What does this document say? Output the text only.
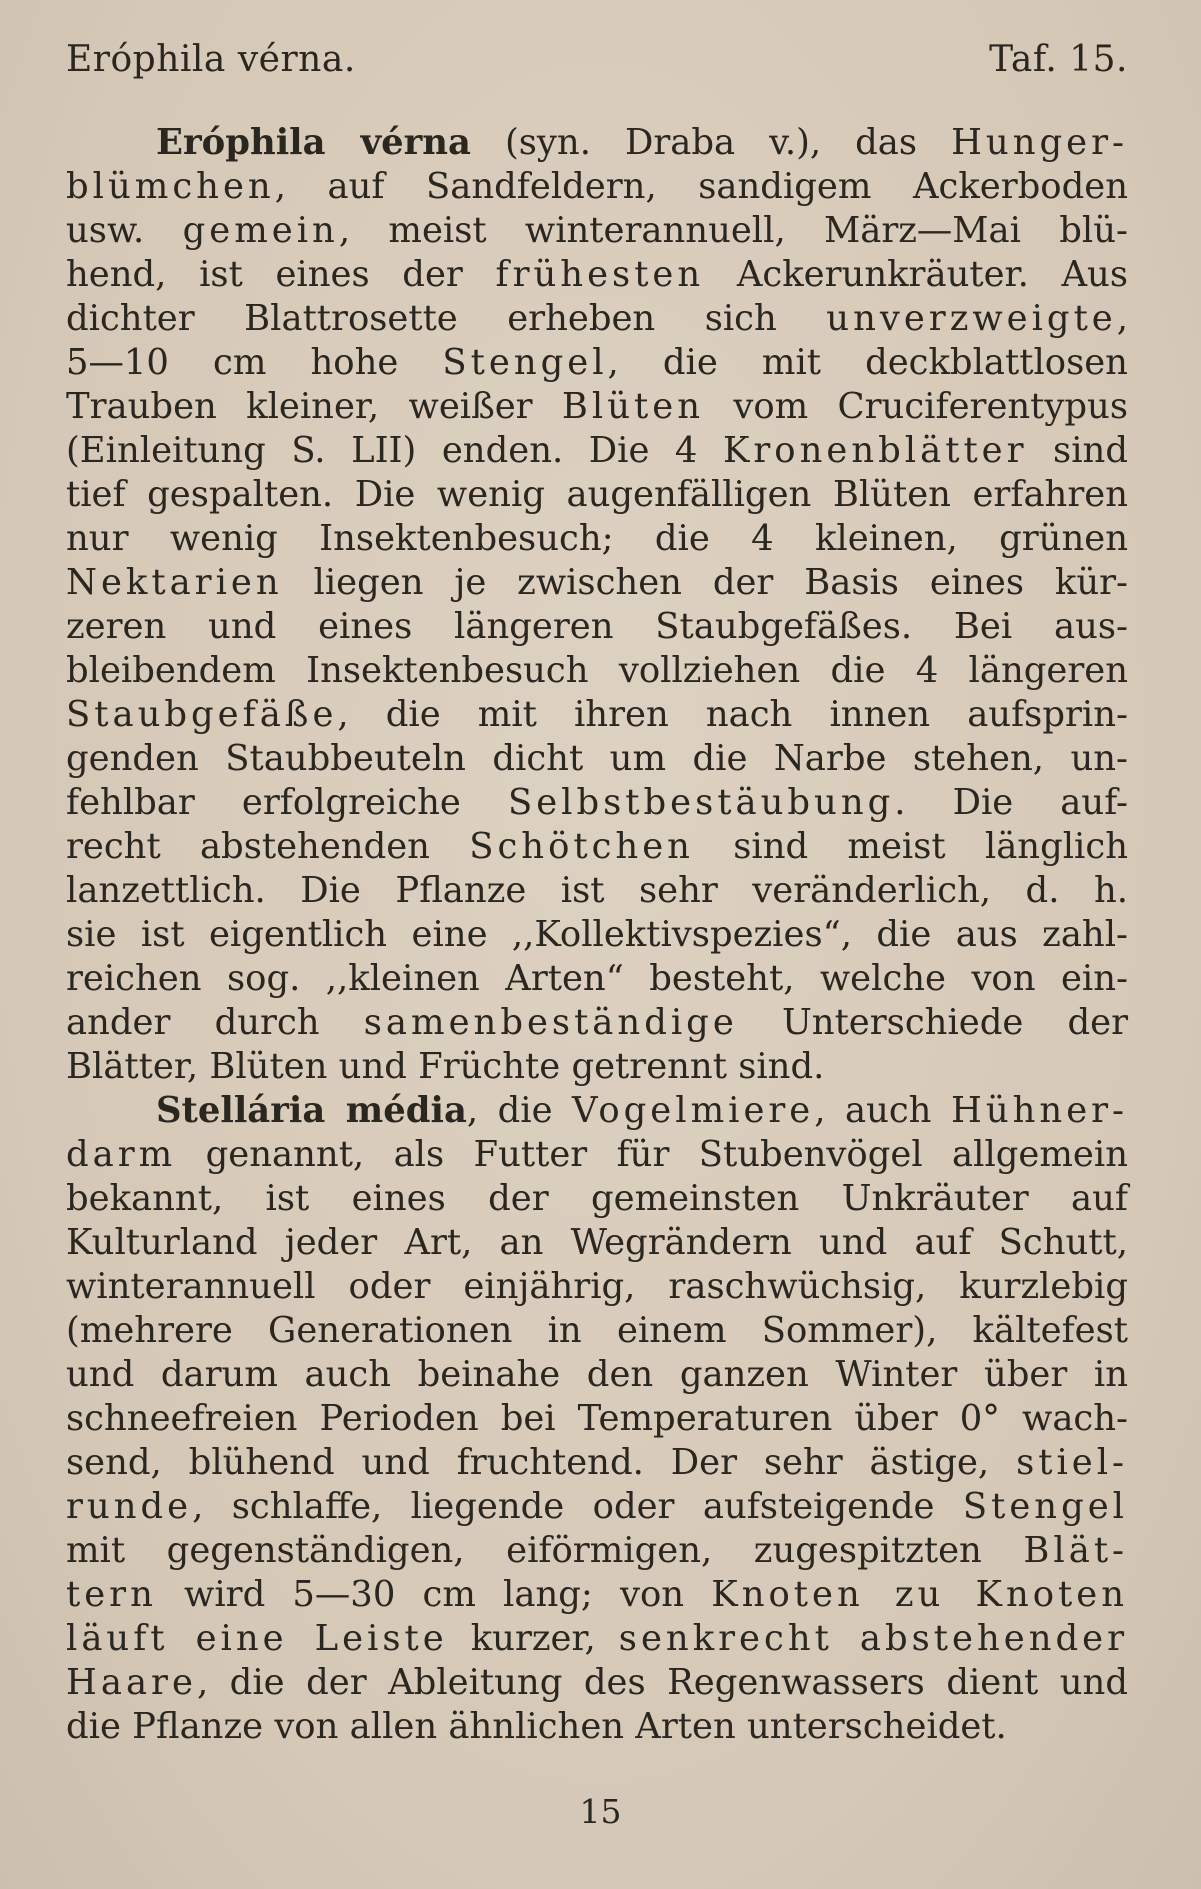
Eróphila vérna.	Taf. 15.
Eróphila vérna (syn. Draba v.), das Hunger-
blümchen, auf Sandfeldern, sandigem Ackerboden
usw. gemein, meist winterannuell, März—Mai blü-
hend, ist eines der frühesten Ackerunkräuter. Aus
dichter Blattrosette erheben sich unverzweigte,
5—10 cm hohe Stengel, die mit deckblattlosen
Trauben kleiner, weißer Blüten vom Cruciferentypus
(Einleitung S. LII) enden. Die 4 Kronenblätter sind
tief gespalten. Die wenig augenfälligen Blüten erfahren
nur wenig Insektenbesuch; die 4 kleinen, grünen
Nektarien liegen je zwischen der Basis eines kür-
zeren und eines längeren Staubgefäßes. Bei aus-
bleibendem Insektenbesuch vollziehen die 4 längeren
Staubgefäße, die mit ihren nach innen aufsprin-
genden Staubbeuteln dicht um die Narbe stehen, un-
fehlbar erfolgreiche Selbstbestäubung. Die auf-
recht abstehenden Schötchen sind meist länglich
lanzettlich. Die Pflanze ist sehr veränderlich, d. h.
sie ist eigentlich eine ,,Kollektivspezies“, die aus zahl-
reichen sog. ,,kleinen Arten“ besteht, welche von ein-
ander durch samenbeständige Unterschiede der
Blätter, Blüten und Früchte getrennt sind.
Stellária média, die Vogelmiere, auch Hühner-
darm genannt, als Futter für Stubenvögel allgemein
bekannt, ist eines der gemeinsten Unkräuter auf
Kulturland jeder Art, an Wegrändern und auf Schutt,
winterannuell oder einjährig, raschwüchsig, kurzlebig
(mehrere Generationen in einem Sommer), kältefest
und darum auch beinahe den ganzen Winter über in
schneefreien Perioden bei Temperaturen über 0° wach-
send, blühend und fruchtend. Der sehr ästige, stiel-
runde, schlaffe, liegende oder aufsteigende Stengel
mit gegenständigen, eiförmigen, zugespitzten Blät-
tern wird 5—30 cm lang; von Knoten zu Knoten
läuft eine Leiste kurzer, senkrecht abstehender
Haare, die der Ableitung des Regenwassers dient und
die Pflanze von allen ähnlichen Arten unterscheidet.
15
